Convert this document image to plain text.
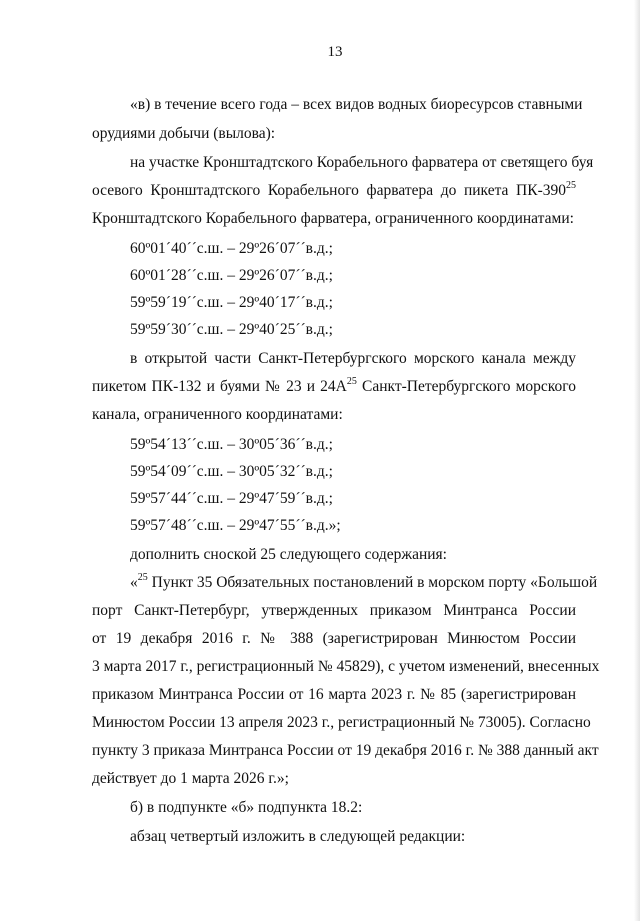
13
«в) в течение всего года – всех видов водных биоресурсов ставными
орудиями добычи (вылова):
на участке Кронштадтского Корабельного фарватера от светящего буя
осевого Кронштадтского Корабельного фарватера до пикета $ПК-390^{25}$
Кронштадтского Корабельного фарватера, ограниченного координатами:
60º01´40´´с.ш. – 29º26´07´´в.д.;
60º01´28´´с.ш. – 29º26´07´´в.д.;
59º59´19´´с.ш. – 29º40´17´´в.д.;
59º59´30´´с.ш. – 29º40´25´´в.д.;
в открытой части Санкт-Петербургского морского канала между
пикетом ПК-132 и буями № 23 и $24А^{25}$ Санкт-Петербургского морского
канала, ограниченного координатами:
59º54´13´´с.ш. – 30º05´36´´в.д.;
59º54´09´´с.ш. – 30º05´32´´в.д.;
59º57´44´´с.ш. – 29º47´59´´в.д.;
59º57´48´´с.ш. – 29º47´55´´в.д.»;
дополнить сноской 25 следующего содержания:
«$^{25}$ Пункт 35 Обязательных постановлений в морском порту «Большой
порт Санкт-Петербург, утвержденных приказом Минтранса России
от 19 декабря 2016 г. № 388 (зарегистрирован Минюстом России
3 марта 2017 г., регистрационный № 45829), с учетом изменений, внесенных
приказом Минтранса России от 16 марта 2023 г. № 85 (зарегистрирован
Минюстом России 13 апреля 2023 г., регистрационный № 73005). Согласно
пункту 3 приказа Минтранса России от 19 декабря 2016 г. № 388 данный акт
действует до 1 марта 2026 г.»;
б) в подпункте «б» подпункта 18.2:
абзац четвертый изложить в следующей редакции:
